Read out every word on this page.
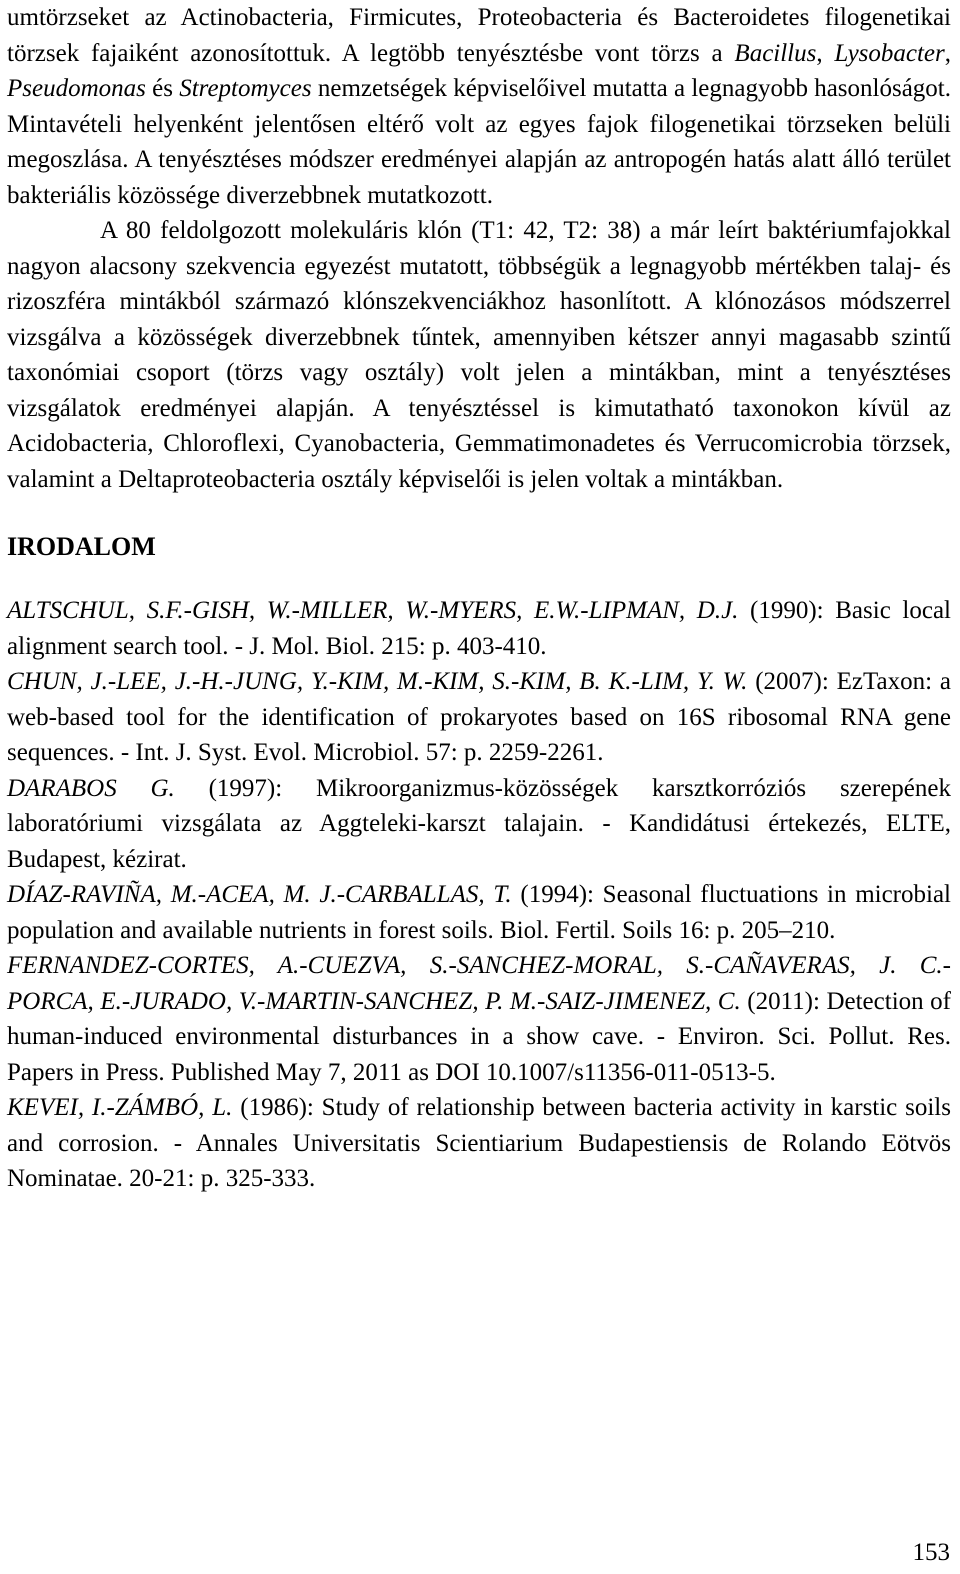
umtörzseket az Actinobacteria, Firmicutes, Proteobacteria és Bacteroidetes filogenetikai törzsek fajaiként azonosítottuk. A legtöbb tenyésztésbe vont törzs a Bacillus, Lysobacter, Pseudomonas és Streptomyces nemzetségek képviselőivel mutatta a legnagyobb hasonlóságot. Mintavételi helyenként jelentősen eltérő volt az egyes fajok filogenetikai törzseken belüli megoszlása. A tenyésztéses módszer eredményei alapján az antropogén hatás alatt álló terület bakteriális közössége diverzebbnek mutatkozott.

A 80 feldolgozott molekuláris klón (T1: 42, T2: 38) a már leírt baktériumfajokkal nagyon alacsony szekvencia egyezést mutatott, többségük a legnagyobb mértékben talaj- és rizoszféra mintákból származó klónszekvenciákhoz hasonlított. A klónozásos módszerrel vizsgálva a közösségek diverzebbnek tűntek, amennyiben kétszer annyi magasabb szintű taxonómiai csoport (törzs vagy osztály) volt jelen a mintákban, mint a tenyésztéses vizsgálatok eredményei alapján. A tenyésztéssel is kimutatható taxonokon kívül az Acidobacteria, Chloroflexi, Cyanobacteria, Gemmatimonadetes és Verrucomicrobia törzsek, valamint a Deltaproteobacteria osztály képviselői is jelen voltak a mintákban.

IRODALOM

ALTSCHUL, S.F.-GISH, W.-MILLER, W.-MYERS, E.W.-LIPMAN, D.J. (1990): Basic local alignment search tool. - J. Mol. Biol. 215: p. 403-410.

CHUN, J.-LEE, J.-H.-JUNG, Y.-KIM, M.-KIM, S.-KIM, B. K.-LIM, Y. W. (2007): EzTaxon: a web-based tool for the identification of prokaryotes based on 16S ribosomal RNA gene sequences. - Int. J. Syst. Evol. Microbiol. 57: p. 2259-2261.

DARABOS G. (1997): Mikroorganizmus-közösségek karsztkorróziós szerepének laboratóriumi vizsgálata az Aggteleki-karszt talajain. - Kandidátusi értekezés, ELTE, Budapest, kézirat.

DÍAZ-RAVIÑA, M.-ACEA, M. J.-CARBALLAS, T. (1994): Seasonal fluctuations in microbial population and available nutrients in forest soils. Biol. Fertil. Soils 16: p. 205–210.

FERNANDEZ-CORTES, A.-CUEZVA, S.-SANCHEZ-MORAL, S.-CAÑAVERAS, J. C.-PORCA, E.-JURADO, V.-MARTIN-SANCHEZ, P. M.-SAIZ-JIMENEZ, C. (2011): Detection of human-induced environmental disturbances in a show cave. - Environ. Sci. Pollut. Res. Papers in Press. Published May 7, 2011 as DOI 10.1007/s11356-011-0513-5.

KEVEI, I.-ZÁMBÓ, L. (1986): Study of relationship between bacteria activity in karstic soils and corrosion. - Annales Universitatis Scientiarium Budapestiensis de Rolando Eötvös Nominatae. 20-21: p. 325-333.

153
